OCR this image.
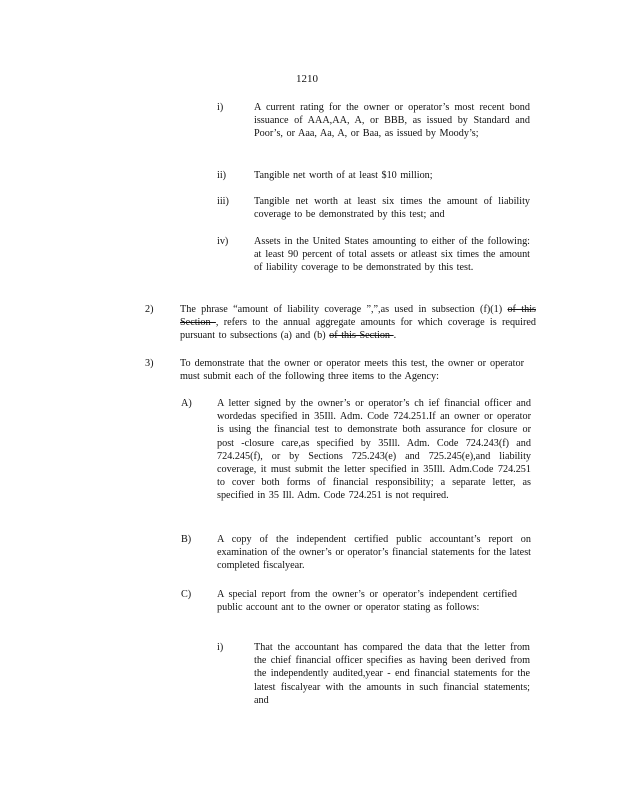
1210
i)	A current rating for the owner or operator’s most recent bond issuance of AAA,AA, A, or BBB, as issued by Standard and Poor’s, or Aaa, Aa, A, or Baa, as issued by Moody’s;
ii)	Tangible net worth of at least $10 million;
iii) Tangible net worth at least six times the amount of liability coverage to be demonstrated by this test; and
iv)	Assets in the United States amounting to either of the following: at least 90 percent of total assets or atleast six times the amount of liability coverage to be demonstrated by this test.
2)	The phrase “amount of liability coverage ”,”,as used in subsection (f)(1) of this Section , refers to the annual aggregate amounts for which coverage is required pursuant to subsections (a) and (b) of this Section .
3)	To demonstrate that the owner or operator meets this test, the owner or operator must submit each of the following three items to the Agency:
A) A letter signed by the owner’s or operator’s ch ief financial officer and wordedas specified in 35Ill. Adm. Code 724.251.If an owner or operator is using the financial test to demonstrate both assurance for closure or post -closure care,as specified by 35Ill. Adm. Code 724.243(f) and 724.245(f), or by Sections 725.243(e) and 725.245(e),and liability coverage, it must submit the letter specified in 35Ill. Adm.Code 724.251 to cover both forms of financial responsibility; a separate letter, as specified in 35 Ill. Adm. Code 724.251 is not required.
B)	A copy of the independent certified public accountant’s report on examination of the owner’s or operator’s financial statements for the latest completed fiscalyear.
C)	A special report from the owner’s or operator’s independent certified public account ant to the owner or operator stating as follows:
i)	That the accountant has compared the data that the letter from the chief financial officer specifies as having been derived from the independently audited,year - end financial statements for the latest fiscalyear with the amounts in such financial statements; and
